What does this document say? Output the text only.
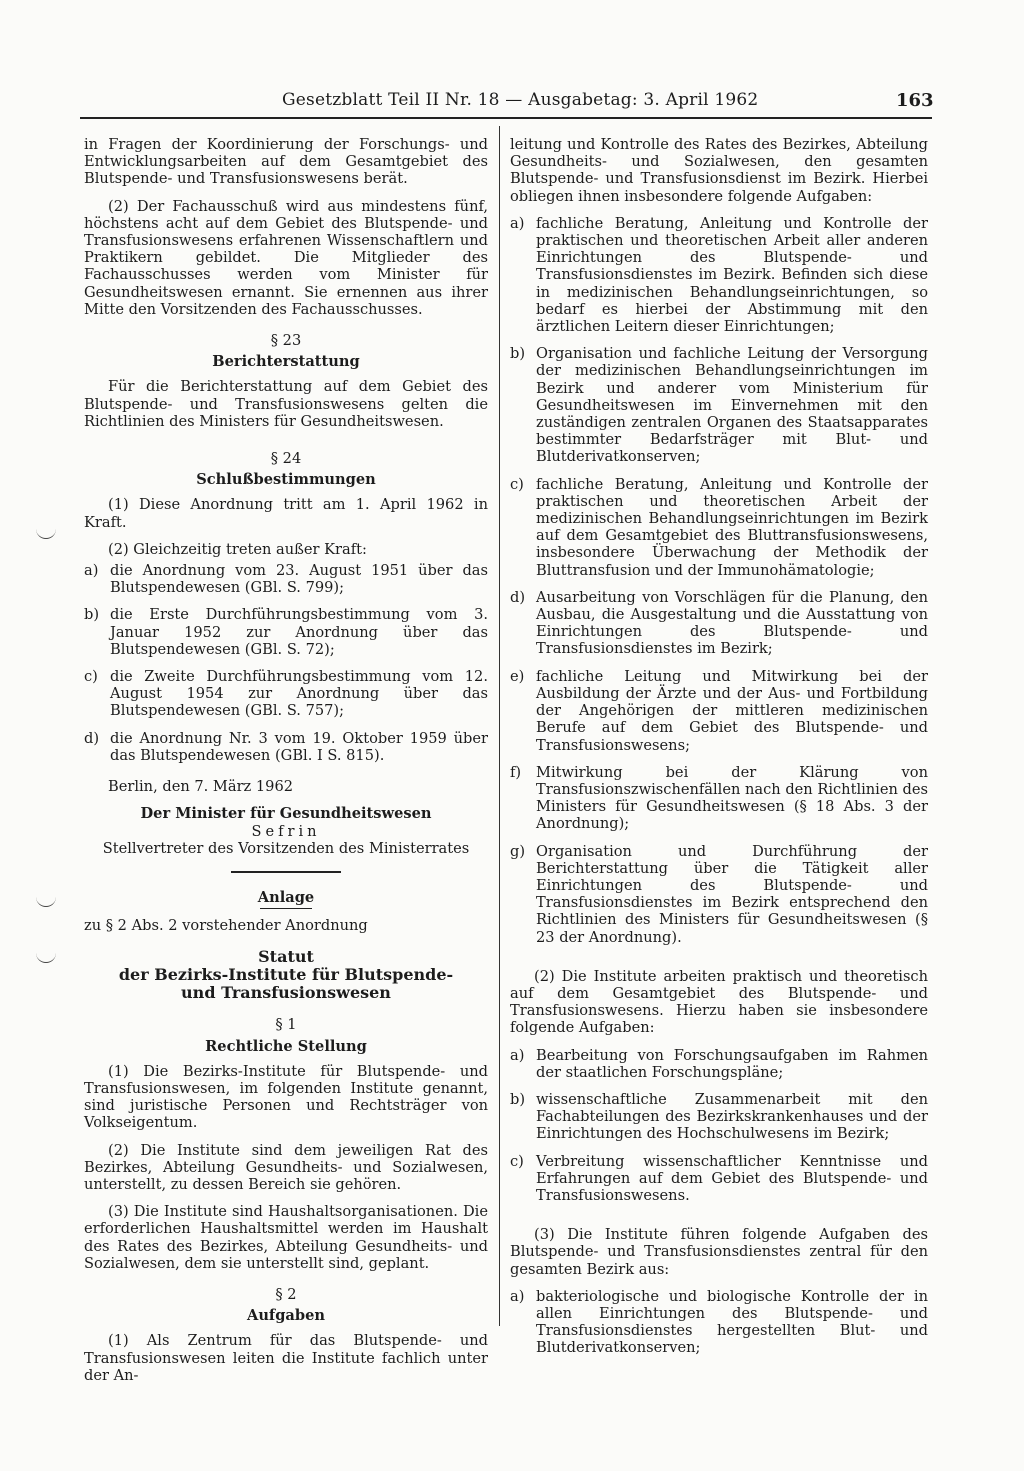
Gesetzblatt Teil II Nr. 18 — Ausgabetag: 3. April 1962	163

in Fragen der Koordinierung der Forschungs- und Entwicklungsarbeiten auf dem Gesamtgebiet des Blutspende- und Transfusionswesens berät.

(2) Der Fachausschuß wird aus mindestens fünf, höchstens acht auf dem Gebiet des Blutspende- und Transfusionswesens erfahrenen Wissenschaftlern und Praktikern gebildet. Die Mitglieder des Fachausschusses werden vom Minister für Gesundheitswesen ernannt. Sie ernennen aus ihrer Mitte den Vorsitzenden des Fachausschusses.

§ 23
Berichterstattung

Für die Berichterstattung auf dem Gebiet des Blutspende- und Transfusionswesens gelten die Richtlinien des Ministers für Gesundheitswesen.

§ 24
Schlußbestimmungen

(1) Diese Anordnung tritt am 1. April 1962 in Kraft.

(2) Gleichzeitig treten außer Kraft:

a) die Anordnung vom 23. August 1951 über das Blutspendewesen (GBl. S. 799);
b) die Erste Durchführungsbestimmung vom 3. Januar 1952 zur Anordnung über das Blutspendewesen (GBl. S. 72);
c) die Zweite Durchführungsbestimmung vom 12. August 1954 zur Anordnung über das Blutspendewesen (GBl. S. 757);
d) die Anordnung Nr. 3 vom 19. Oktober 1959 über das Blutspendewesen (GBl. I S. 815).

Berlin, den 7. März 1962

Der Minister für Gesundheitswesen
Sefrin
Stellvertreter des Vorsitzenden des Ministerrates
Anlage

zu § 2 Abs. 2 vorstehender Anordnung

Statut
der Bezirks-Institute für Blutspende-
und Transfusionswesen
§ 1
Rechtliche Stellung

(1) Die Bezirks-Institute für Blutspende- und Transfusionswesen, im folgenden Institute genannt, sind juristische Personen und Rechtsträger von Volkseigentum.

(2) Die Institute sind dem jeweiligen Rat des Bezirkes, Abteilung Gesundheits- und Sozialwesen, unterstellt, zu dessen Bereich sie gehören.

(3) Die Institute sind Haushaltsorganisationen. Die erforderlichen Haushaltsmittel werden im Haushalt des Rates des Bezirkes, Abteilung Gesundheits- und Sozialwesen, dem sie unterstellt sind, geplant.

§ 2
Aufgaben

(1) Als Zentrum für das Blutspende- und Transfusionswesen leiten die Institute fachlich unter der An-

leitung und Kontrolle des Rates des Bezirkes, Abteilung Gesundheits- und Sozialwesen, den gesamten Blutspende- und Transfusionsdienst im Bezirk. Hierbei obliegen ihnen insbesondere folgende Aufgaben:

a) fachliche Beratung, Anleitung und Kontrolle der praktischen und theoretischen Arbeit aller anderen Einrichtungen des Blutspende- und Transfusionsdienstes im Bezirk. Befinden sich diese in medizinischen Behandlungseinrichtungen, so bedarf es hierbei der Abstimmung mit den ärztlichen Leitern dieser Einrichtungen;
b) Organisation und fachliche Leitung der Versorgung der medizinischen Behandlungseinrichtungen im Bezirk und anderer vom Ministerium für Gesundheitswesen im Einvernehmen mit den zuständigen zentralen Organen des Staatsapparates bestimmter Bedarfsträger mit Blut- und Blutderivatkonserven;
c) fachliche Beratung, Anleitung und Kontrolle der praktischen und theoretischen Arbeit der medizinischen Behandlungseinrichtungen im Bezirk auf dem Gesamtgebiet des Bluttransfusionswesens, insbesondere Überwachung der Methodik der Bluttransfusion und der Immunohämatologie;
d) Ausarbeitung von Vorschlägen für die Planung, den Ausbau, die Ausgestaltung und die Ausstattung von Einrichtungen des Blutspende- und Transfusionsdienstes im Bezirk;
e) fachliche Leitung und Mitwirkung bei der Ausbildung der Ärzte und der Aus- und Fortbildung der Angehörigen der mittleren medizinischen Berufe auf dem Gebiet des Blutspende- und Transfusionswesens;
f)	Mitwirkung bei der Klärung von Transfusionszwischenfällen nach den Richtlinien des Ministers für Gesundheitswesen (§ 18 Abs. 3 der Anordnung);
g) Organisation und Durchführung der Berichterstattung über die Tätigkeit aller Einrichtungen des Blutspende- und Transfusionsdienstes im Bezirk entsprechend den Richtlinien des Ministers für Gesundheitswesen (§ 23 der Anordnung).

(2) Die Institute arbeiten praktisch und theoretisch auf dem Gesamtgebiet des Blutspende- und Transfusionswesens. Hierzu haben sie insbesondere folgende Aufgaben:

a) Bearbeitung von Forschungsaufgaben im Rahmen der staatlichen Forschungspläne;
b) wissenschaftliche Zusammenarbeit mit den Fachabteilungen des Bezirkskrankenhauses und der Einrichtungen des Hochschulwesens im Bezirk;
c) Verbreitung wissenschaftlicher Kenntnisse und Erfahrungen auf dem Gebiet des Blutspende- und Transfusionswesens.

(3) Die Institute führen folgende Aufgaben des Blutspende- und Transfusionsdienstes zentral für den gesamten Bezirk aus:

a) bakteriologische und biologische Kontrolle der in allen Einrichtungen des Blutspende- und Transfusionsdienstes hergestellten Blut- und Blutderivatkonserven;
